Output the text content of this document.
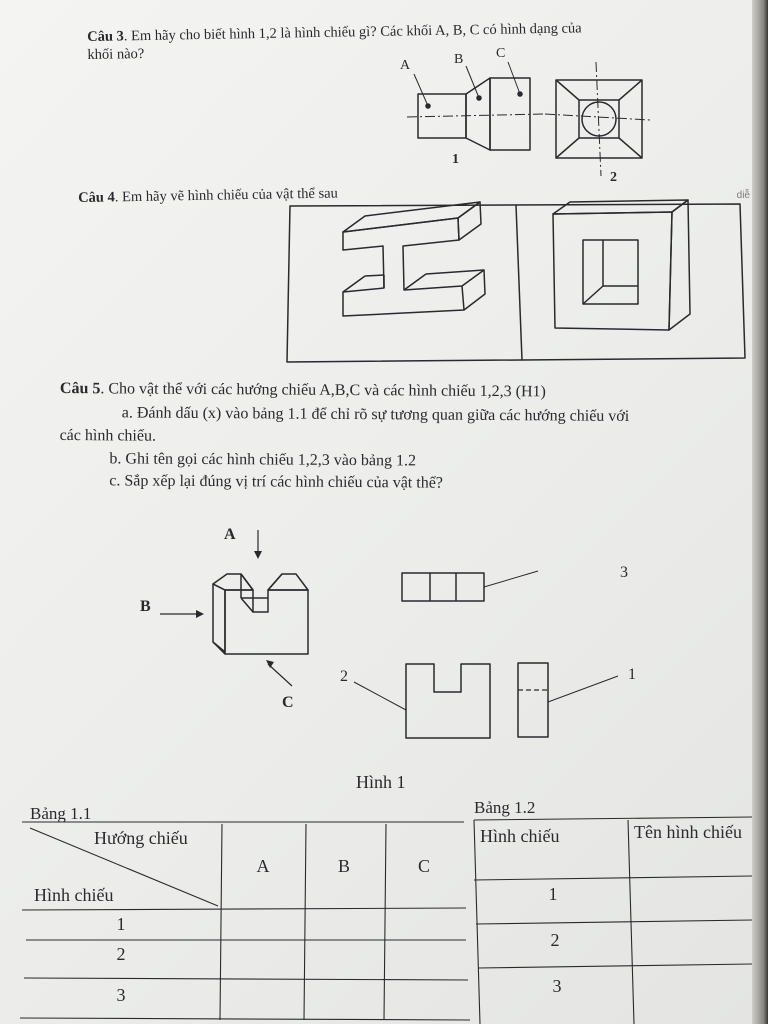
Câu 3. Em hãy cho biết hình 1,2 là hình chiếu gì? Các khối A, B, C có hình dạng của
khối nào?
Câu 4. Em hãy vẽ hình chiếu của vật thể sau
Câu 5. Cho vật thể với các hướng chiếu A,B,C và các hình chiếu 1,2,3 (H1)
a. Đánh dấu (x) vào bảng 1.1 để chỉ rõ sự tương quan giữa các hướng chiếu với
các hình chiếu.
b. Ghi tên gọi các hình chiếu 1,2,3 vào bảng 1.2
c. Sắp xếp lại đúng vị trí các hình chiếu của vật thể?
A	B C
1
2
A
B
C
3
2	1
Hình 1
Bảng 1.1
Hướng chiếu
Hình chiếu
A	B	C
1
2
3
Bảng 1.2
Hình chiếu	Tên hình chiếu
1
2
3
diễ
